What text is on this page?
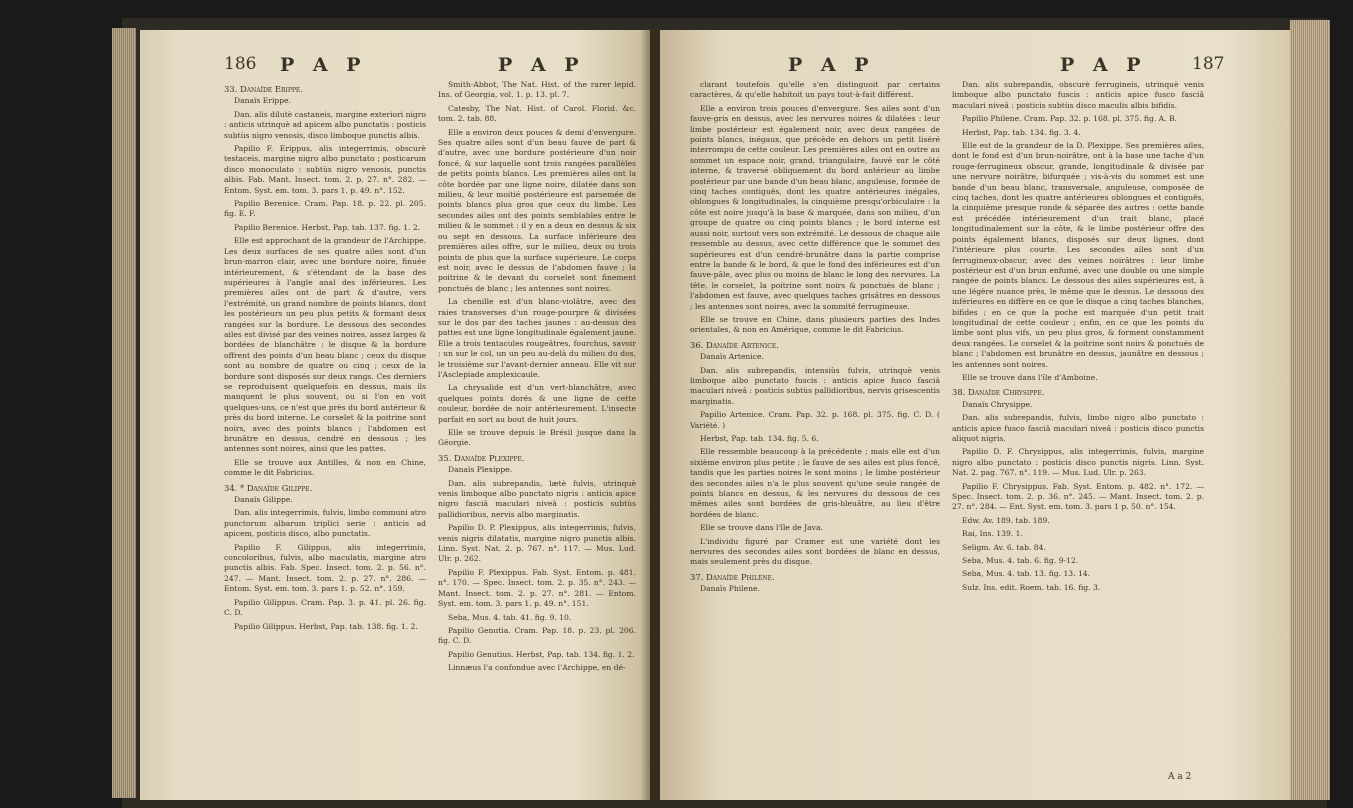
186 P A P	P A P

33. Danaïde Erippe.

Danaïs Erippe.

Dan. alis dilutè castaneis, margine exteriori nigro : anticis utrinquè ad apicem albo punctatis : posticis subtùs nigro venosis, disco limboque punctis albis.

Papilio F. Erippus, alis integerrimis, obscurè testaceis, margine nigro albo punctato ; posticarum disco monoculato : subtùs nigro venosis, punctis albis. Fab. Mant. Insect. tom. 2. p. 27. n°. 282. — Entom. Syst. em. tom. 3. pars 1. p. 49. n°. 152.

Papilio Berenice. Cram. Pap. 18. p. 22. pl. 205. fig. E. F.

Papilio Berenice. Herbst, Pap. tab. 137. fig. 1. 2.

Elle est approchant de la grandeur de l'Archippe. Les deux surfaces de ses quatre ailes sont d'un brun-marron clair, avec une bordure noire, finuée intérieurement, & s'étendant de la base des supérieures à l'angle anal des inférieures. Les premières ailes ont de part & d'autre, vers l'extrémité, un grand nombre de points blancs, dont les postérieurs un peu plus petits & formant deux rangées sur la bordure. Le dessous des secondes ailes est divisé par des veines noires, assez larges & bordées de blanchâtre : le disque & la bordure offrent des points d'un beau blanc ; ceux du disque sont au nombre de quatre ou cinq ; ceux de la bordure sont disposés sur deux rangs. Ces derniers se reproduisent quelquefois en dessus, mais ils manquent le plus souvent, ou si l'on en voit quelques-uns, ce n'est que près du bord antérieur & près du bord interne. Le corselet & la poitrine sont noirs, avec des points blancs ; l'abdomen est brunâtre en dessus, cendré en dessous ; les antennes sont noires, ainsi que les pattes.

Elle se trouve aux Antilles, & non en Chine, comme le dit Fabricius.

34. * Danaïde Gilippe.

Danaïs Gilippe.

Dan. alis integerrimis, fulvis, limbo communi atro punctorum albarum triplici serie : anticis ad apicem, posticis disco, albo punctatis.

Papilio F. Gilippus, alis integerrimis, concoloribus, fulvis, albo maculatis, margine atro punctis albis. Fab. Spec. Insect. tom. 2. p. 56. n°. 247. — Mant. Insect. tom. 2. p. 27. n°. 286. — Entom. Syst. em. tom. 3. pars 1. p. 52. n°. 159.

Papilio Gilippus. Cram. Pap. 3. p. 41. pl. 26. fig. C. D.

Papilio Gilippus. Herbst, Pap. tab. 138. fig. 1. 2.

Smith-Abbot, The Nat. Hist. of the rarer lepid. Ins. of Georgia, vol. 1. p. 13. pl. 7.

Catesby, The Nat. Hist. of Carol. Florid. &c. tom. 2. tab. 88.

Elle a environ deux pouces & demi d'envergure. Ses quatre ailes sont d'un beau fauve de part & d'autre, avec une bordure postérieure d'un noir foncé, & sur laquelle sont trois rangées parallèles de petits points blancs. Les premières ailes ont la côte bordée par une ligne noire, dilatée dans son milieu, & leur moitié postérieure est parsemée de points blancs plus gros que ceux du limbe. Les secondes ailes ont des points semblables entre le milieu & le sommet : il y en a deux en dessus & six ou sept en dessous. La surface inférieure des premières ailes offre, sur le milieu, deux ou trois points de plus que la surface supérieure. Le corps est noir, avec le dessus de l'abdomen fauve ; la poitrine & le devant du corselet sont finement ponctués de blanc ; les antennes sont noires.

La chenille est d'un blanc-violâtre, avec des raies transverses d'un rouge-pourpre & divisées sur le dos par des taches jaunes : au-dessus des pattes est une ligne longitudinale également jaune. Elle a trois tentacules rougeâtres, fourchus, savoir : un sur le col, un un peu au-delà du milieu du dos, le troisième sur l'avant-dernier anneau. Elle vit sur l'Asclepiade amplexicaule.

La chrysalide est d'un vert-blanchâtre, avec quelques points dorés & une ligne de cette couleur, bordée de noir antérieurement. L'insecte parfait en sort au bout de huit jours.

Elle se trouve depuis le Brésil jusque dans la Géorgie.

35. Danaïde Plexippe.

Danaïs Plexippe.

Dan. alis subrepandis, lætè fulvis, utrinquè venis limboque albo punctato nigris : anticis apice nigro fasciâ maculari niveâ : posticis subtùs pallidioribus, nervis albo marginatis.

Papilio D. P. Plexippus, alis integerrimis, fulvis, venis nigris dilatatis, margine nigro punctis albis. Linn. Syst. Nat. 2. p. 767. n°. 117. — Mus. Lud. Ulr. p. 262.

Papilio F. Plexippus. Fab. Syst. Entom. p. 481. n°. 170. — Spec. Insect. tom. 2. p. 35. n°. 243. — Mant. Insect. tom. 2. p. 27. n°. 281. — Entom. Syst. em. tom. 3. pars 1. p. 49. n°. 151.

Seba, Mus. 4. tab. 41. fig. 9. 10.

Papilio Genutia. Cram. Pap. 18. p. 23. pl. 206. fig. C. D.

Papilio Genutius. Herbst, Pap. tab. 134. fig. 1. 2.

Linnæus l'a confondue avec l'Archippe, en dé-

P A P	P A P	187

clarant toutefois qu'elle s'en distinguoit par certains caractères, & qu'elle habitoit un pays tout-à-fait différent.

Elle a environ trois pouces d'envergure. Ses ailes sont d'un fauve-gris en dessus, avec les nervures noires & dilatées : leur limbe postérieur est également noir, avec deux rangées de points blancs, inégaux, que précède en dehors un petit liséré interrompu de cette couleur. Les premières ailes ont en outre au sommet un espace noir, grand, triangulaire, fauvé sur le côté interne, & traversé obliquement du bord antérieur au limbe postérieur par une bande d'un beau blanc, anguleuse, formée de cinq taches contiguës, dont les quatre antérieures inégales, oblongues & longitudinales, la cinquième presqu'orbiculaire : la côte est noire jusqu'à la base & marquée, dans son milieu, d'un groupe de quatre ou cinq points blancs ; le bord interne est aussi noir, surtout vers son extrémité. Le dessous de chaque aile ressemble au dessus, avec cette différence que le sommet des supérieures est d'un cendré-brunâtre dans la partie comprise entre la bande & le bord, & que le fond des inférieures est d'un fauve-pâle, avec plus ou moins de blanc le long des nervures. La tête, le corselet, la poitrine sont noirs & ponctués de blanc ; l'abdomen est fauve, avec quelques taches grisâtres en dessous ; les antennes sont noires, avec la sommité ferrugineuse.

Elle se trouve en Chine, dans plusieurs parties des Indes orientales, & non en Amérique, comme le dit Fabricius.

36. Danaïde Artenice.

Danaïs Artenice.

Dan. alis subrepandis, intensiùs fulvis, utrinquè venis limboque albo punctato fuscis : anticis apice fusco fasciâ maculari niveâ : posticis subtùs pallidioribus, nervis grisescentis marginatis.

Papilio Artenice. Cram. Pap. 32. p. 168. pl. 375. fig. C. D. ( Variété. )

Herbst, Pap. tab. 134. fig. 5. 6.

Elle ressemble beaucoup à la précédente ; mais elle est d'un sixième environ plus petite ; le fauve de ses ailes est plus foncé, tandis que les parties noires le sont moins ; le limbe postérieur des secondes ailes n'a le plus souvent qu'une seule rangée de points blancs en dessus, & les nervures du dessous de ces mêmes ailes sont bordées de gris-bleuâtre, au lieu d'être bordées de blanc.

Elle se trouve dans l'île de Java.

L'individu figuré par Cramer est une variété dont les nervures des secondes ailes sont bordées de blanc en dessus, mais seulement près du disque.

37. Danaïde Philène.

Danaïs Philene.

Dan. alis subrepandis, obscurè ferrugineis, utrinquè venis limboque albo punctato fuscis : anticis apice fusco fasciâ maculari niveâ : posticis subtùs disco maculis albis bifidis.

Papilio Philene. Cram. Pap. 32. p. 168. pl. 375. fig. A. B.

Herbst, Pap. tab. 134. fig. 3. 4.

Elle est de la grandeur de la D. Plexippe. Ses premières ailes, dont le fond est d'un brun-noirâtre, ont à la base une tache d'un rouge-ferrugineux obscur, grande, longitudinale & divisée par une nervure noirâtre, bifurquée ; vis-à-vis du sommet est une bande d'un beau blanc, transversale, anguleuse, composée de cinq taches, dont les quatre antérieures oblongues et contiguës, la cinquième presque ronde & séparée des autres : cette bande est précédée intérieurement d'un trait blanc, placé longitudinalement sur la côte, & le limbe postérieur offre des points également blancs, disposés sur deux lignes, dont l'intérieure plus courte. Les secondes ailes sont d'un ferrugineux-obscur, avec des veines noirâtres : leur limbe postérieur est d'un brun enfumé, avec une double ou une simple rangée de points blancs. Le dessous des ailes supérieures est, à une légère nuance près, le même que le dessus. Le dessous des inférieures en diffère en ce que le disque a cinq taches blanches, bifides ; en ce que la poche est marquée d'un petit trait longitudinal de cette couleur ; enfin, en ce que les points du limbe sont plus vifs, un peu plus gros, & forment constamment deux rangées. Le corselet & la poitrine sont noirs & ponctués de blanc ; l'abdomen est brunâtre en dessus, jaunâtre en dessous ; les antennes sont noires.

Elle se trouve dans l'île d'Amboine.

38. Danaïde Chrysippe.

Danaïs Chrysippe.

Dan. alis subrepandis, fulvis, limbo nigro albo punctato : anticis apice fusco fasciâ maculari niveâ : posticis disco punctis aliquot nigris.

Papilio D. F. Chrysippus, alis integerrimis, fulvis, margine nigro albo punctato : posticis disco punctis nigris. Linn. Syst. Nat. 2. pag. 767. n°. 119. — Mus. Lud. Ulr. p. 263.

Papilio F. Chrysippus. Fab. Syst. Entom. p. 482. n°. 172. — Spec. Insect. tom. 2. p. 36. n°. 245. — Mant. Insect. tom. 2. p. 27. n°. 284. — Ent. Syst. em. tom. 3. pars 1 p. 50. n°. 154.

Edw. Av. 189. tab. 189.

Rai, Ins. 139. 1.

Seligm. Av. 6. tab. 84.

Seba, Mus. 4. tab. 6. fig. 9-12.

Seba, Mus. 4. tab. 13. fig. 13. 14.

Sulz. Ins. edit. Roem. tab. 16. fig. 3.

A a 2
